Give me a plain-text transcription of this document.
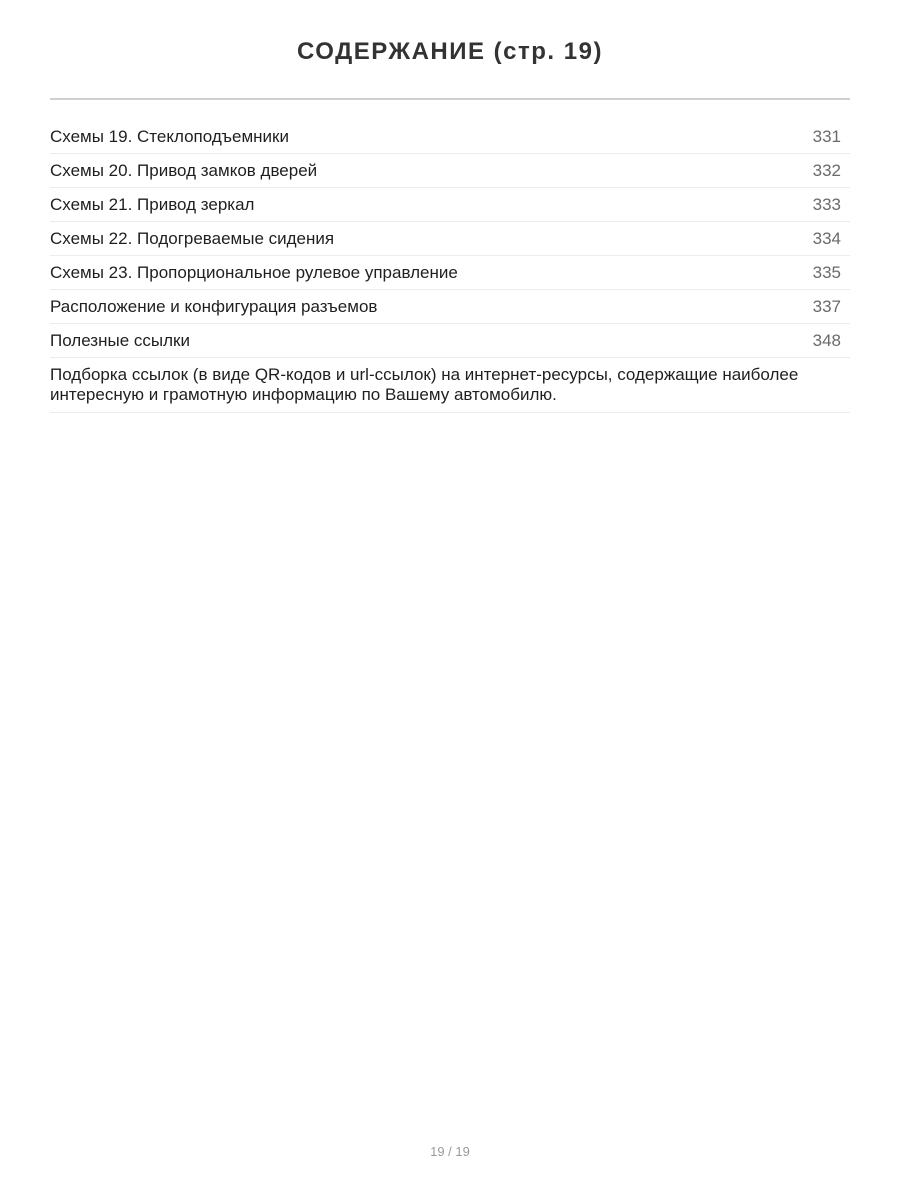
СОДЕРЖАНИЕ (стр. 19)
Схемы 19. Стеклоподъемники	331
Схемы 20. Привод замков дверей	332
Схемы 21. Привод зеркал	333
Схемы 22. Подогреваемые сидения	334
Схемы 23. Пропорциональное рулевое управление	335
Расположение и конфигурация разъемов	337
Полезные ссылки	348
Подборка ссылок (в виде QR-кодов и url-ссылок) на интернет-ресурсы, содержащие наиболее интересную и грамотную информацию по Вашему автомобилю.
19 / 19
